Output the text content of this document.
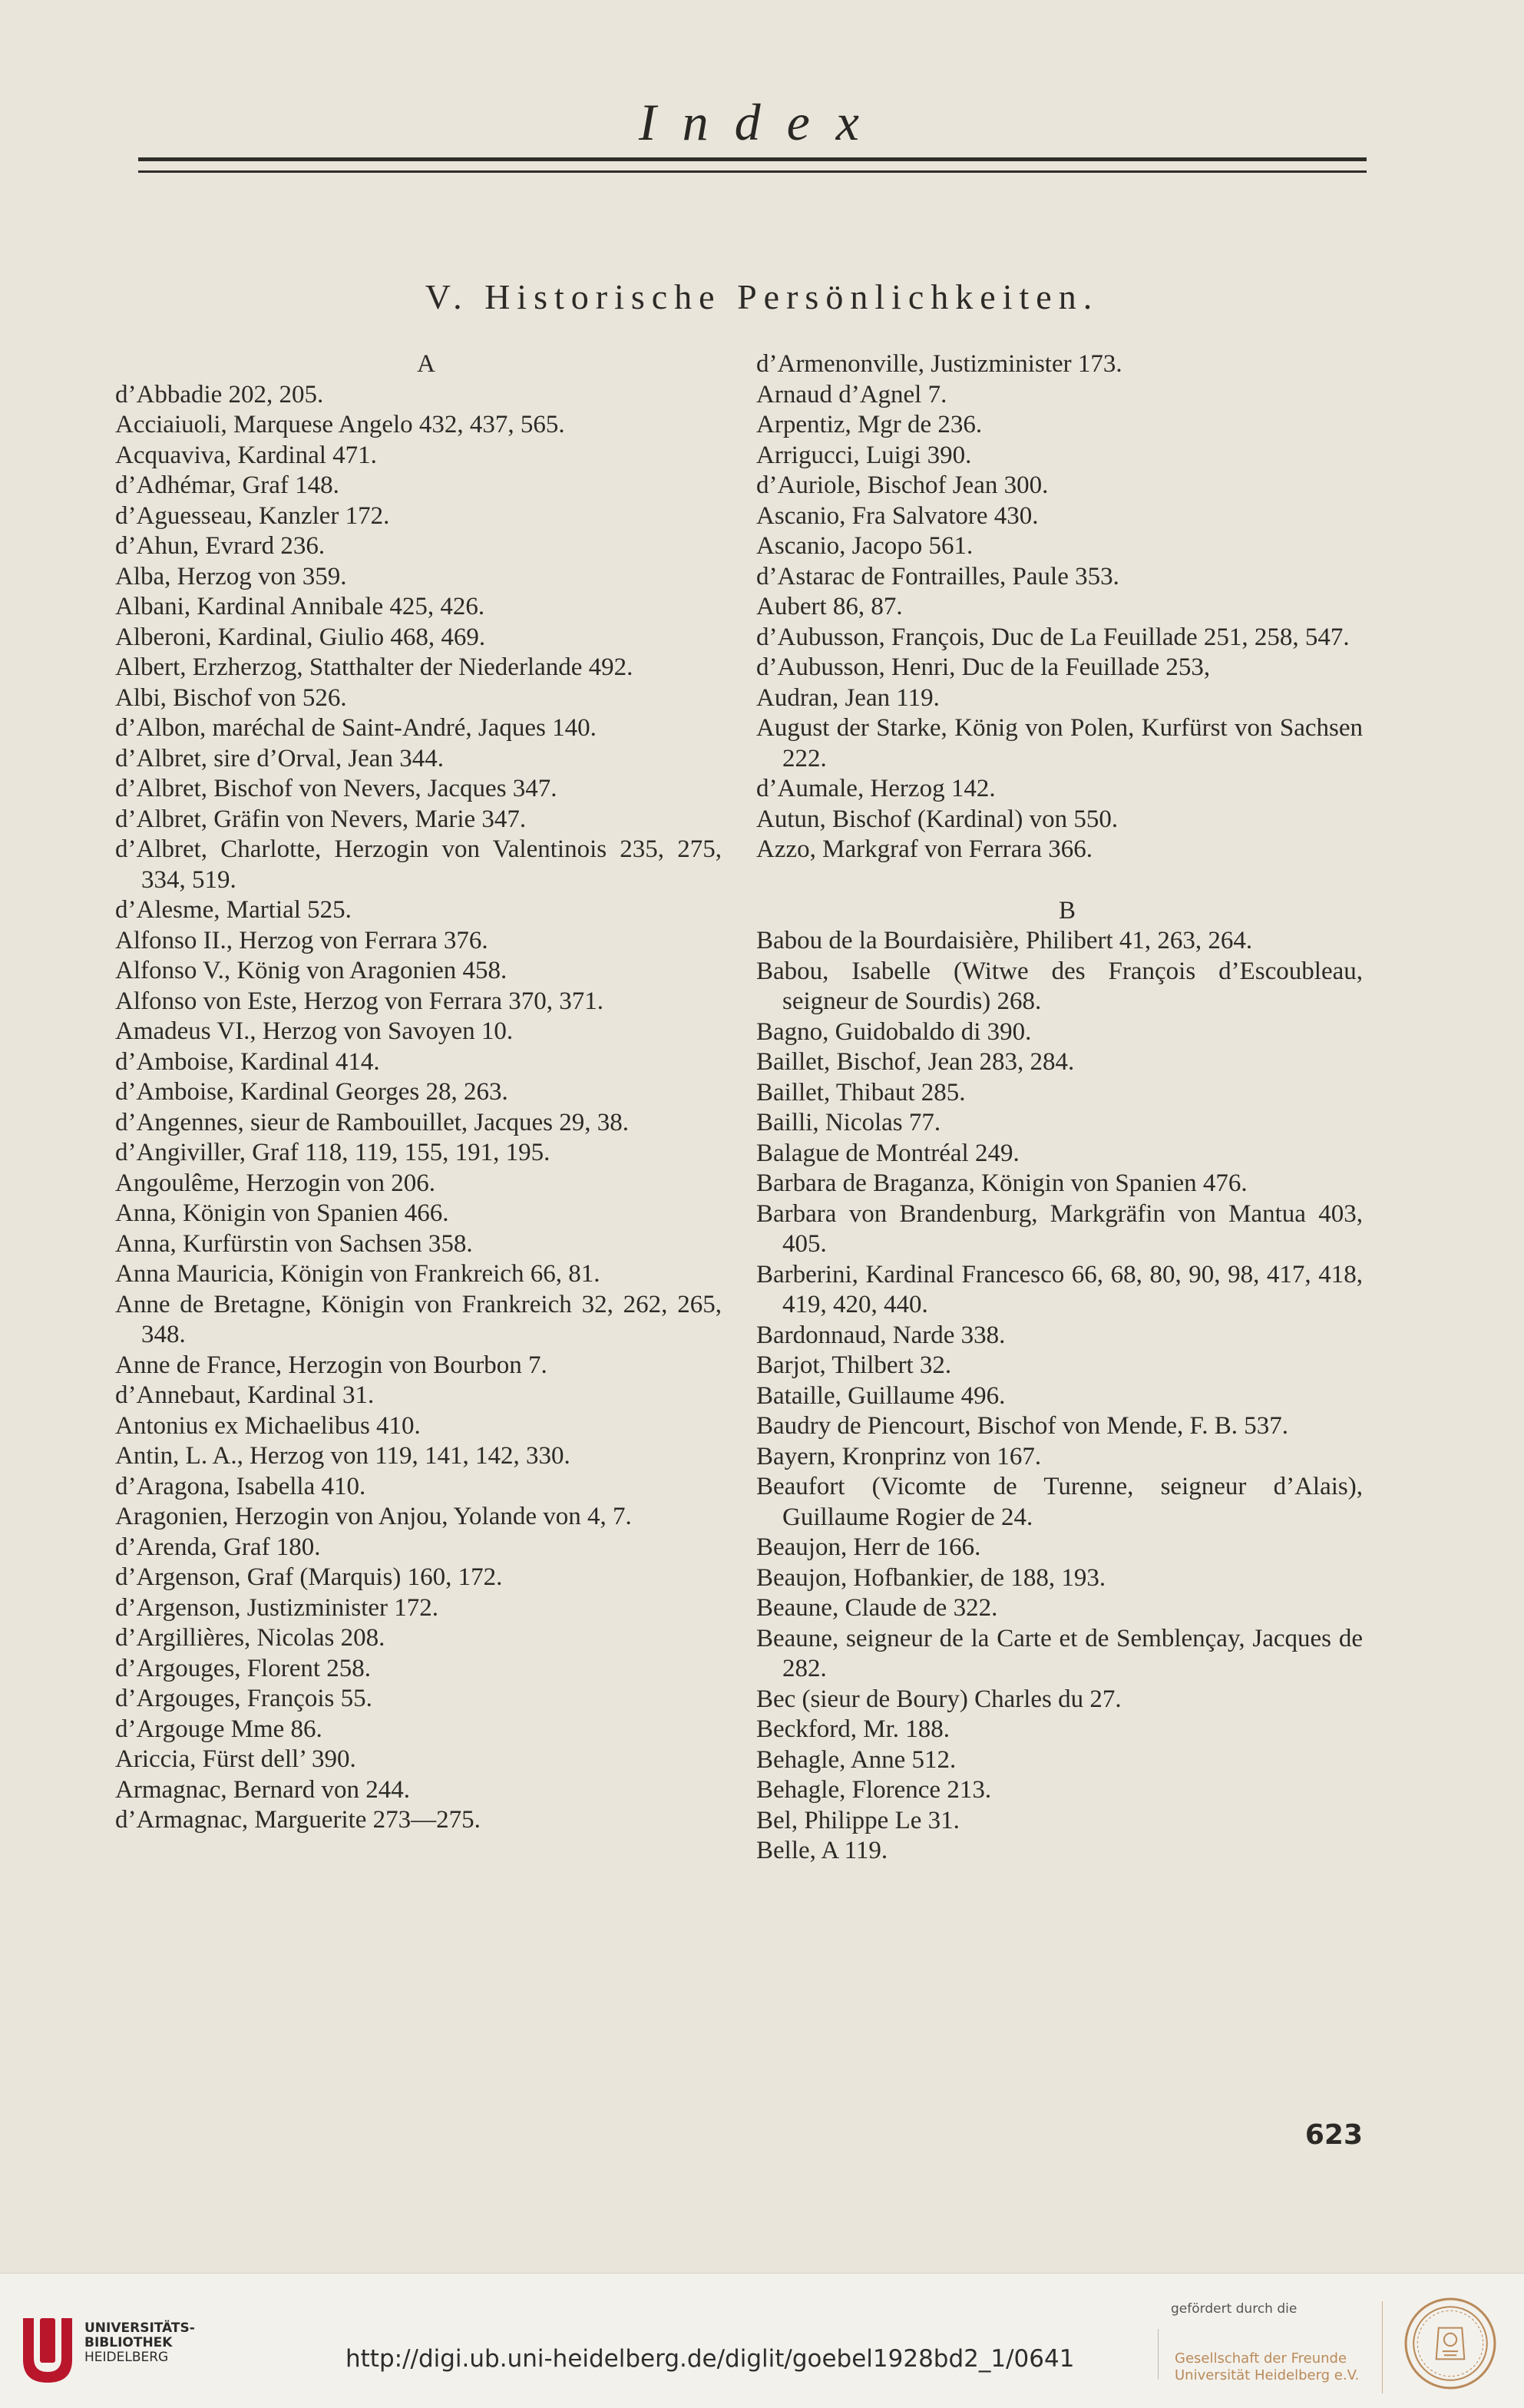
Index
V. Historische Persönlichkeiten.
A
d’Abbadie 202, 205.
Acciaiuoli, Marquese Angelo 432, 437, 565.
Acquaviva, Kardinal 471.
d’Adhémar, Graf 148.
d’Aguesseau, Kanzler 172.
d’Ahun, Evrard 236.
Alba, Herzog von 359.
Albani, Kardinal Annibale 425, 426.
Alberoni, Kardinal, Giulio 468, 469.
Albert, Erzherzog, Statthalter der Niederlande 492.
Albi, Bischof von 526.
d’Albon, maréchal de Saint-André, Jaques 140.
d’Albret, sire d’Orval, Jean 344.
d’Albret, Bischof von Nevers, Jacques 347.
d’Albret, Gräfin von Nevers, Marie 347.
d’Albret, Charlotte, Herzogin von Valentinois 235, 275, 334, 519.
d’Alesme, Martial 525.
Alfonso II., Herzog von Ferrara 376.
Alfonso V., König von Aragonien 458.
Alfonso von Este, Herzog von Ferrara 370, 371.
Amadeus VI., Herzog von Savoyen 10.
d’Amboise, Kardinal 414.
d’Amboise, Kardinal Georges 28, 263.
d’Angennes, sieur de Rambouillet, Jacques 29, 38.
d’Angiviller, Graf 118, 119, 155, 191, 195.
Angoulême, Herzogin von 206.
Anna, Königin von Spanien 466.
Anna, Kurfürstin von Sachsen 358.
Anna Mauricia, Königin von Frankreich 66, 81.
Anne de Bretagne, Königin von Frankreich 32, 262, 265, 348.
Anne de France, Herzogin von Bourbon 7.
d’Annebaut, Kardinal 31.
Antonius ex Michaelibus 410.
Antin, L. A., Herzog von 119, 141, 142, 330.
d’Aragona, Isabella 410.
Aragonien, Herzogin von Anjou, Yolande von 4, 7.
d’Arenda, Graf 180.
d’Argenson, Graf (Marquis) 160, 172.
d’Argenson, Justizminister 172.
d’Argillières, Nicolas 208.
d’Argouges, Florent 258.
d’Argouges, François 55.
d’Argouge Mme 86.
Ariccia, Fürst dell’ 390.
Armagnac, Bernard von 244.
d’Armagnac, Marguerite 273—275.
d’Armenonville, Justizminister 173.
Arnaud d’Agnel 7.
Arpentiz, Mgr de 236.
Arrigucci, Luigi 390.
d’Auriole, Bischof Jean 300.
Ascanio, Fra Salvatore 430.
Ascanio, Jacopo 561.
d’Astarac de Fontrailles, Paule 353.
Aubert 86, 87.
d’Aubusson, François, Duc de La Feuillade 251, 258, 547.
d’Aubusson, Henri, Duc de la Feuillade 253,
Audran, Jean 119.
August der Starke, König von Polen, Kurfürst von Sachsen 222.
d’Aumale, Herzog 142.
Autun, Bischof (Kardinal) von 550.
Azzo, Markgraf von Ferrara 366.
B
Babou de la Bourdaisière, Philibert 41, 263, 264.
Babou, Isabelle (Witwe des François d’Escoubleau, seigneur de Sourdis) 268.
Bagno, Guidobaldo di 390.
Baillet, Bischof, Jean 283, 284.
Baillet, Thibaut 285.
Bailli, Nicolas 77.
Balague de Montréal 249.
Barbara de Braganza, Königin von Spanien 476.
Barbara von Brandenburg, Markgräfin von Mantua 403, 405.
Barberini, Kardinal Francesco 66, 68, 80, 90, 98, 417, 418, 419, 420, 440.
Bardonnaud, Narde 338.
Barjot, Thilbert 32.
Bataille, Guillaume 496.
Baudry de Piencourt, Bischof von Mende, F. B. 537.
Bayern, Kronprinz von 167.
Beaufort (Vicomte de Turenne, seigneur d’Alais), Guillaume Rogier de 24.
Beaujon, Herr de 166.
Beaujon, Hofbankier, de 188, 193.
Beaune, Claude de 322.
Beaune, seigneur de la Carte et de Semblençay, Jacques de 282.
Bec (sieur de Boury) Charles du 27.
Beckford, Mr. 188.
Behagle, Anne 512.
Behagle, Florence 213.
Bel, Philippe Le 31.
Belle, A 119.
623
UNIVERSITÄTS-
BIBLIOTHEK
HEIDELBERG	http://digi.ub.uni-heidelberg.de/diglit/goebel1928bd2_1/0641
gefördert durch die
Gesellschaft der Freunde
Universität Heidelberg e.V.
